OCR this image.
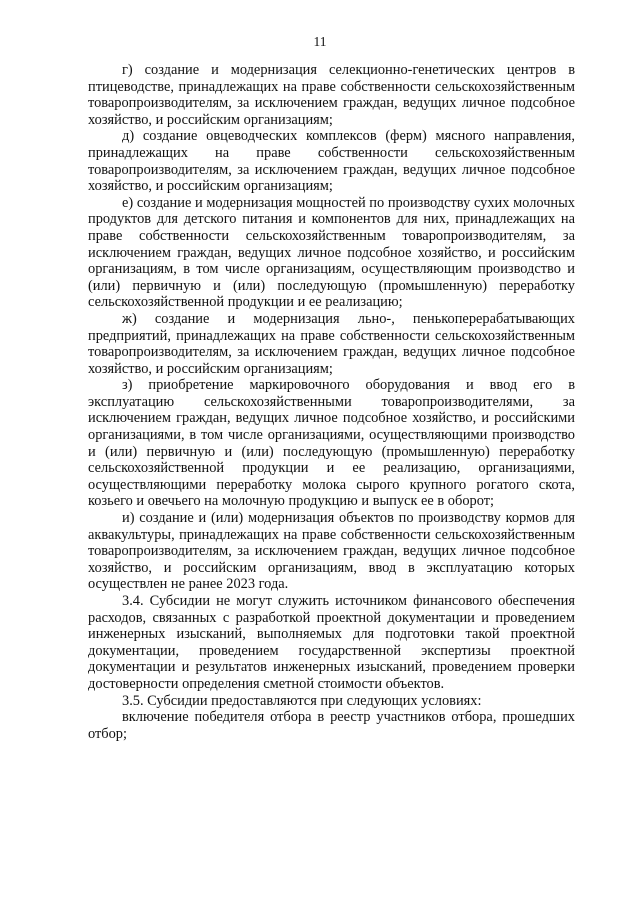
11

г) создание и модернизация селекционно-генетических центров в птицеводстве, принадлежащих на праве собственности сельскохозяйственным товаропроизводителям, за исключением граждан, ведущих личное подсобное хозяйство, и российским организациям;

д) создание овцеводческих комплексов (ферм) мясного направления, принадлежащих на праве собственности сельскохозяйственным товаропроизводителям, за исключением граждан, ведущих личное подсобное хозяйство, и российским организациям;

е) создание и модернизация мощностей по производству сухих молочных продуктов для детского питания и компонентов для них, принадлежащих на праве собственности сельскохозяйственным товаропроизводителям, за исключением граждан, ведущих личное подсобное хозяйство, и российским организациям, в том числе организациям, осуществляющим производство и (или) первичную и (или) последующую (промышленную) переработку сельскохозяйственной продукции и ее реализацию;

ж) создание и модернизация льно-, пенькоперерабатывающих предприятий, принадлежащих на праве собственности сельскохозяйственным товаропроизводителям, за исключением граждан, ведущих личное подсобное хозяйство, и российским организациям;

з) приобретение маркировочного оборудования и ввод его в эксплуатацию сельскохозяйственными товаропроизводителями, за исключением граждан, ведущих личное подсобное хозяйство, и российскими организациями, в том числе организациями, осуществляющими производство и (или) первичную и (или) последующую (промышленную) переработку сельскохозяйственной продукции и ее реализацию, организациями, осуществляющими переработку молока сырого крупного рогатого скота, козьего и овечьего на молочную продукцию и выпуск ее в оборот;

и) создание и (или) модернизация объектов по производству кормов для аквакультуры, принадлежащих на праве собственности сельскохозяйственным товаропроизводителям, за исключением граждан, ведущих личное подсобное хозяйство, и российским организациям, ввод в эксплуатацию которых осуществлен не ранее 2023 года.

3.4. Субсидии не могут служить источником финансового обеспечения расходов, связанных с разработкой проектной документации и проведением инженерных изысканий, выполняемых для подготовки такой проектной документации, проведением государственной экспертизы проектной документации и результатов инженерных изысканий, проведением проверки достоверности определения сметной стоимости объектов.

3.5. Субсидии предоставляются при следующих условиях:

включение победителя отбора в реестр участников отбора, прошедших отбор;
